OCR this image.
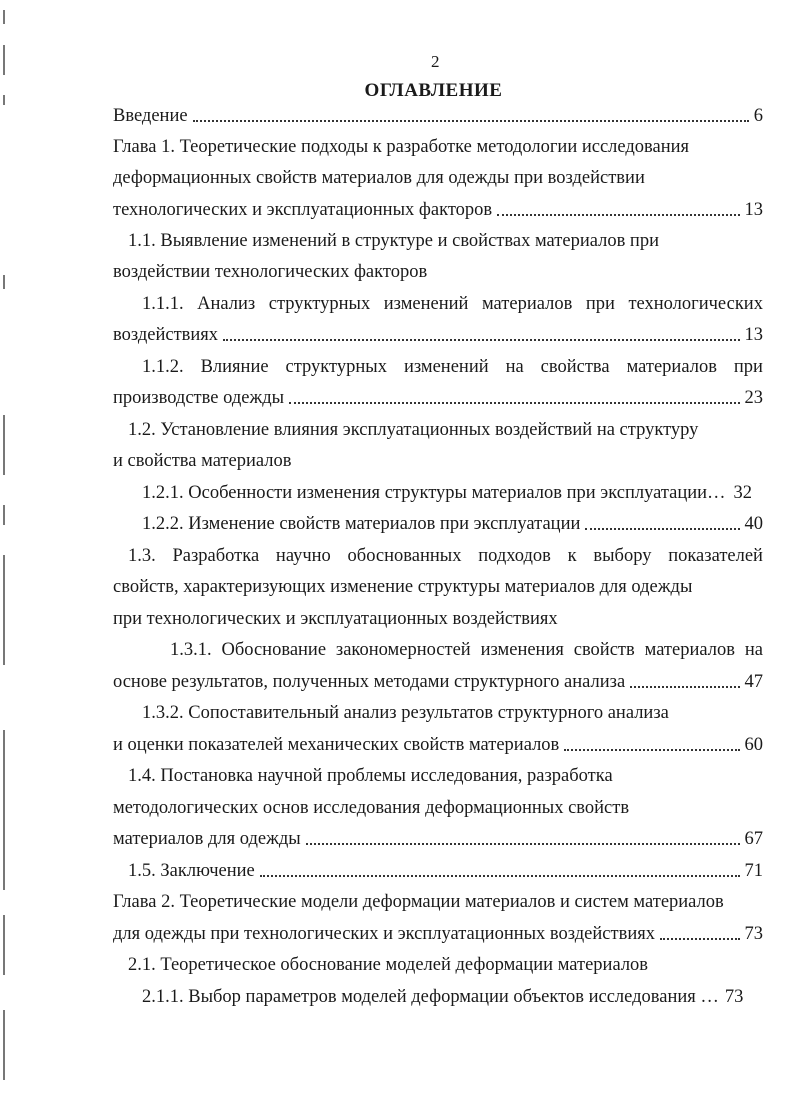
2
ОГЛАВЛЕНИЕ
Введение	6
Глава 1. Теоретические подходы к разработке методологии исследования
деформационных свойств материалов для одежды при воздействии
технологических и эксплуатационных факторов	13
1.1. Выявление изменений в структуре и свойствах материалов при
воздействии технологических факторов
1.1.1. Анализ структурных изменений материалов при технологических
воздействиях	13
1.1.2. Влияние структурных изменений на свойства материалов при
производстве одежды	23
1.2. Установление влияния эксплуатационных воздействий на структуру
и свойства материалов
1.2.1. Особенности изменения структуры материалов при эксплуатации… 32
1.2.2. Изменение свойств материалов при эксплуатации	40
1.3. Разработка научно обоснованных подходов к выбору показателей
свойств, характеризующих изменение структуры материалов для одежды
при технологических и эксплуатационных воздействиях
1.3.1. Обоснование закономерностей изменения свойств материалов на
основе результатов, полученных методами структурного анализа	47
1.3.2. Сопоставительный анализ результатов структурного анализа
и оценки показателей механических свойств материалов	60
1.4. Постановка научной проблемы исследования, разработка
методологических основ исследования деформационных свойств
материалов для одежды	67
1.5. Заключение	71
Глава 2. Теоретические модели деформации материалов и систем материалов
для одежды при технологических и эксплуатационных воздействиях	73
2.1. Теоретическое обоснование моделей деформации материалов
2.1.1. Выбор параметров моделей деформации объектов исследования … 73
